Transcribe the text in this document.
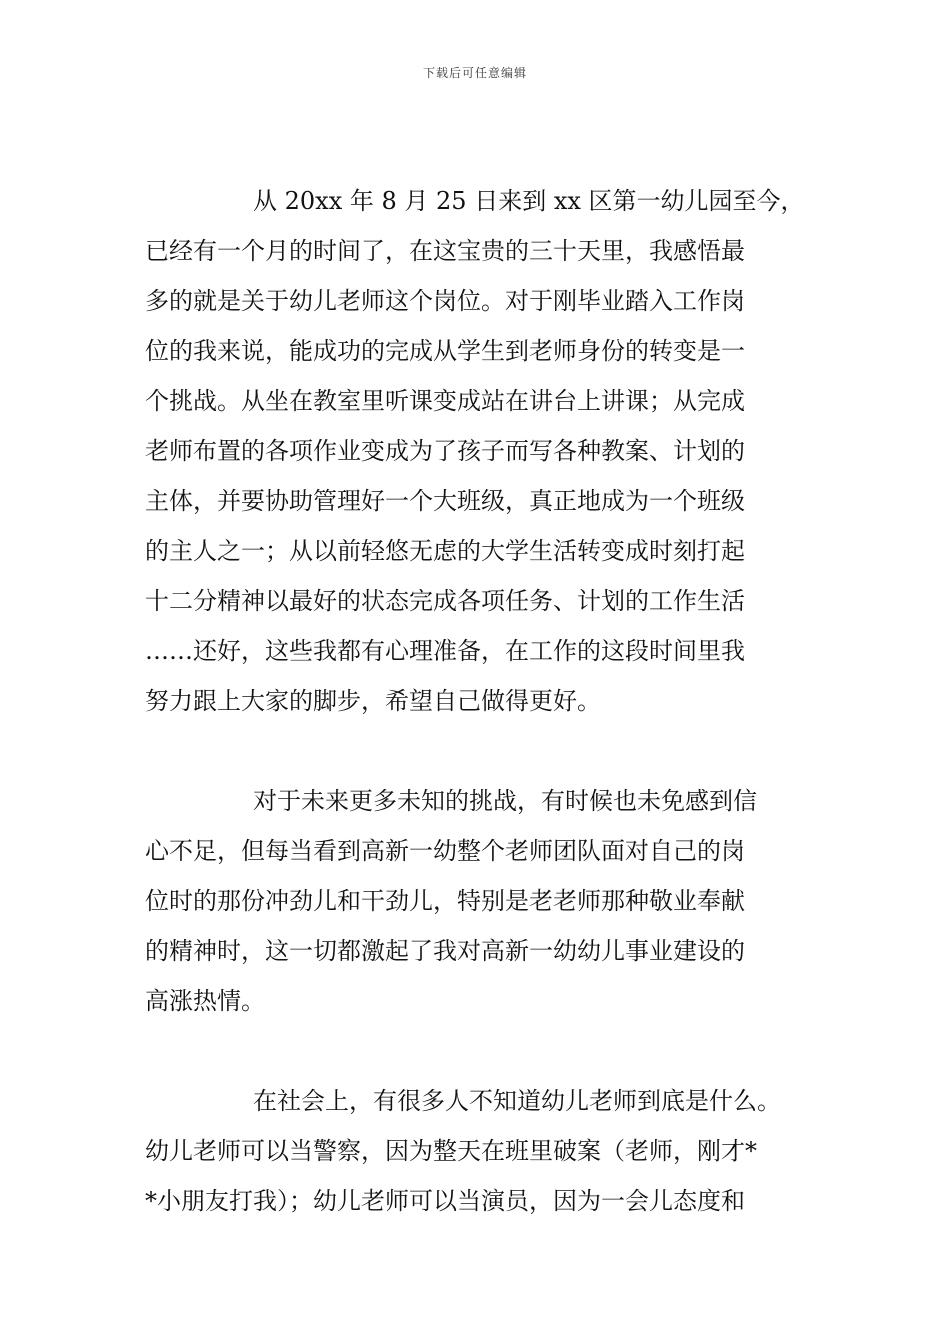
下载后可任意编辑
从 20xx 年 8 月 25 日来到 xx 区第一幼儿园至今，
已经有一个月的时间了，在这宝贵的三十天里，我感悟最
多的就是关于幼儿老师这个岗位。对于刚毕业踏入工作岗
位的我来说，能成功的完成从学生到老师身份的转变是一
个挑战。从坐在教室里听课变成站在讲台上讲课；从完成
老师布置的各项作业变成为了孩子而写各种教案、计划的
主体，并要协助管理好一个大班级，真正地成为一个班级
的主人之一；从以前轻悠无虑的大学生活转变成时刻打起
十二分精神以最好的状态完成各项任务、计划的工作生活
……还好，这些我都有心理准备，在工作的这段时间里我
努力跟上大家的脚步，希望自己做得更好。
对于未来更多未知的挑战，有时候也未免感到信
心不足，但每当看到高新一幼整个老师团队面对自己的岗
位时的那份冲劲儿和干劲儿，特别是老老师那种敬业奉献
的精神时，这一切都激起了我对高新一幼幼儿事业建设的
高涨热情。
在社会上，有很多人不知道幼儿老师到底是什么。
幼儿老师可以当警察，因为整天在班里破案（老师，刚才*
*小朋友打我）；幼儿老师可以当演员，因为一会儿态度和
